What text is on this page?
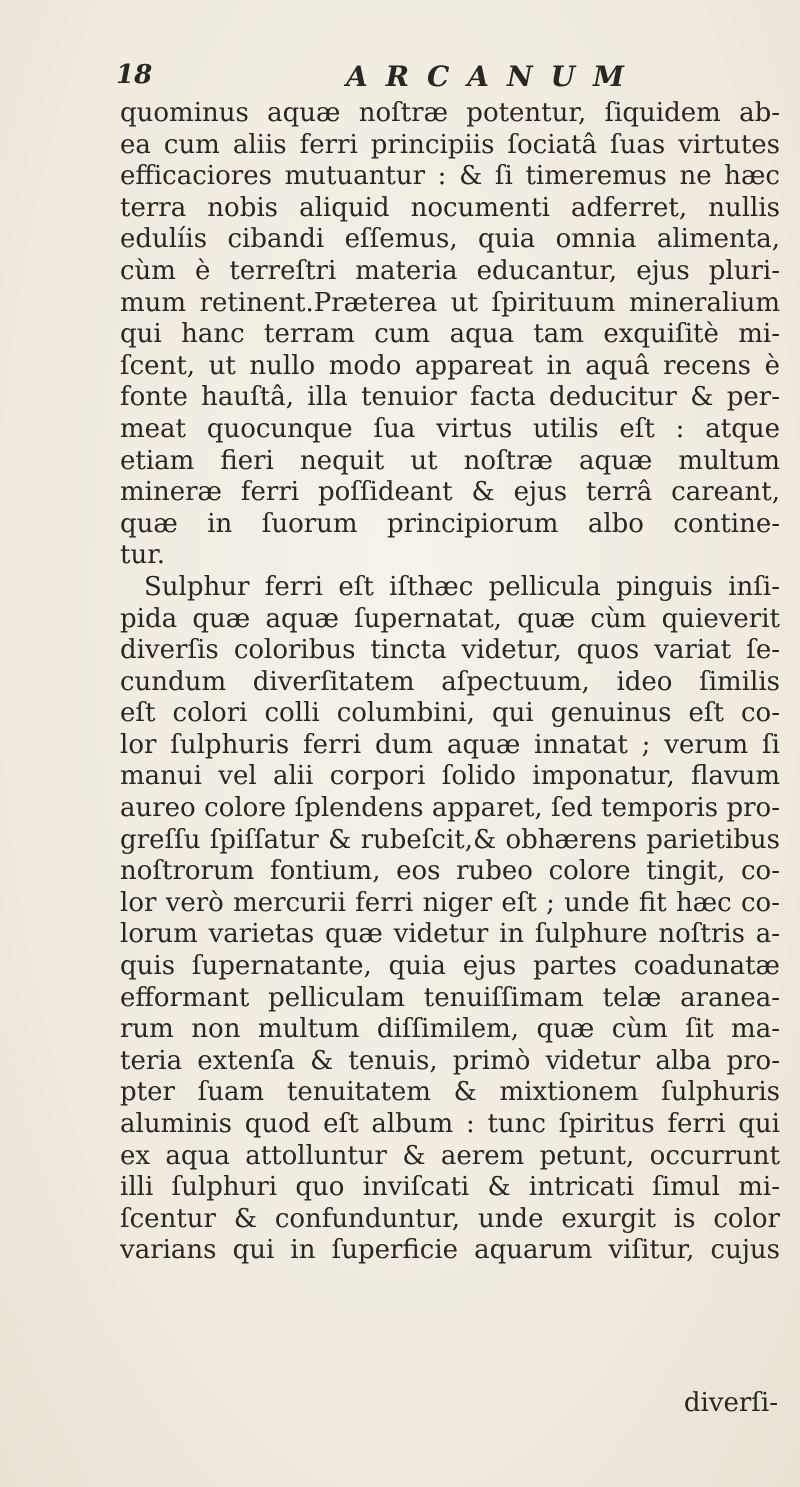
18	ARCANUM
quominus aquæ noſtræ potentur, ſiquidem ab-
ea cum aliis ferri principiis ſociatâ ſuas virtutes
efficaciores mutuantur : & ſi timeremus ne hæc
terra nobis aliquid nocumenti adferret, nullis
edulíis cibandi eſſemus, quia omnia alimenta,
cùm è terreſtri materia educantur, ejus pluri-
mum retinent.Præterea ut ſpirituum mineralium
qui hanc terram cum aqua tam exquiſitè mi-
ſcent, ut nullo modo appareat in aquâ recens è
fonte hauſtâ, illa tenuior facta deducitur & per-
meat quocunque ſua virtus utilis eſt : atque
etiam fieri nequit ut noſtræ aquæ multum
mineræ ferri poſſideant & ejus terrâ careant,
quæ in ſuorum principiorum albo contine-
tur.
Sulphur ferri eſt iſthæc pellicula pinguis inſi-
pida quæ aquæ ſupernatat, quæ cùm quieverit
diverſis coloribus tincta videtur, quos variat ſe-
cundum diverſitatem aſpectuum, ideo ſimilis
eſt colori colli columbini, qui genuinus eſt co-
lor ſulphuris ferri dum aquæ innatat ; verum ſi
manui vel alii corpori ſolido imponatur, flavum
aureo colore ſplendens apparet, ſed temporis pro-
greſſu ſpiſſatur & rubeſcit,& obhærens parietibus
noſtrorum fontium, eos rubeo colore tingit, co-
lor verò mercurii ferri niger eſt ; unde fit hæc co-
lorum varietas quæ videtur in ſulphure noſtris a-
quis ſupernatante, quia ejus partes coadunatæ
efformant pelliculam tenuiſſimam telæ aranea-
rum non multum diſſimilem, quæ cùm ſit ma-
teria extenſa & tenuis, primò videtur alba pro-
pter ſuam tenuitatem & mixtionem ſulphuris
aluminis quod eſt album : tunc ſpiritus ferri qui
ex aqua attolluntur & aerem petunt, occurrunt
illi ſulphuri quo inviſcati & intricati ſimul mi-
ſcentur & confunduntur, unde exurgit is color
varians qui in ſuperficie aquarum viſitur, cujus
diverſi-
